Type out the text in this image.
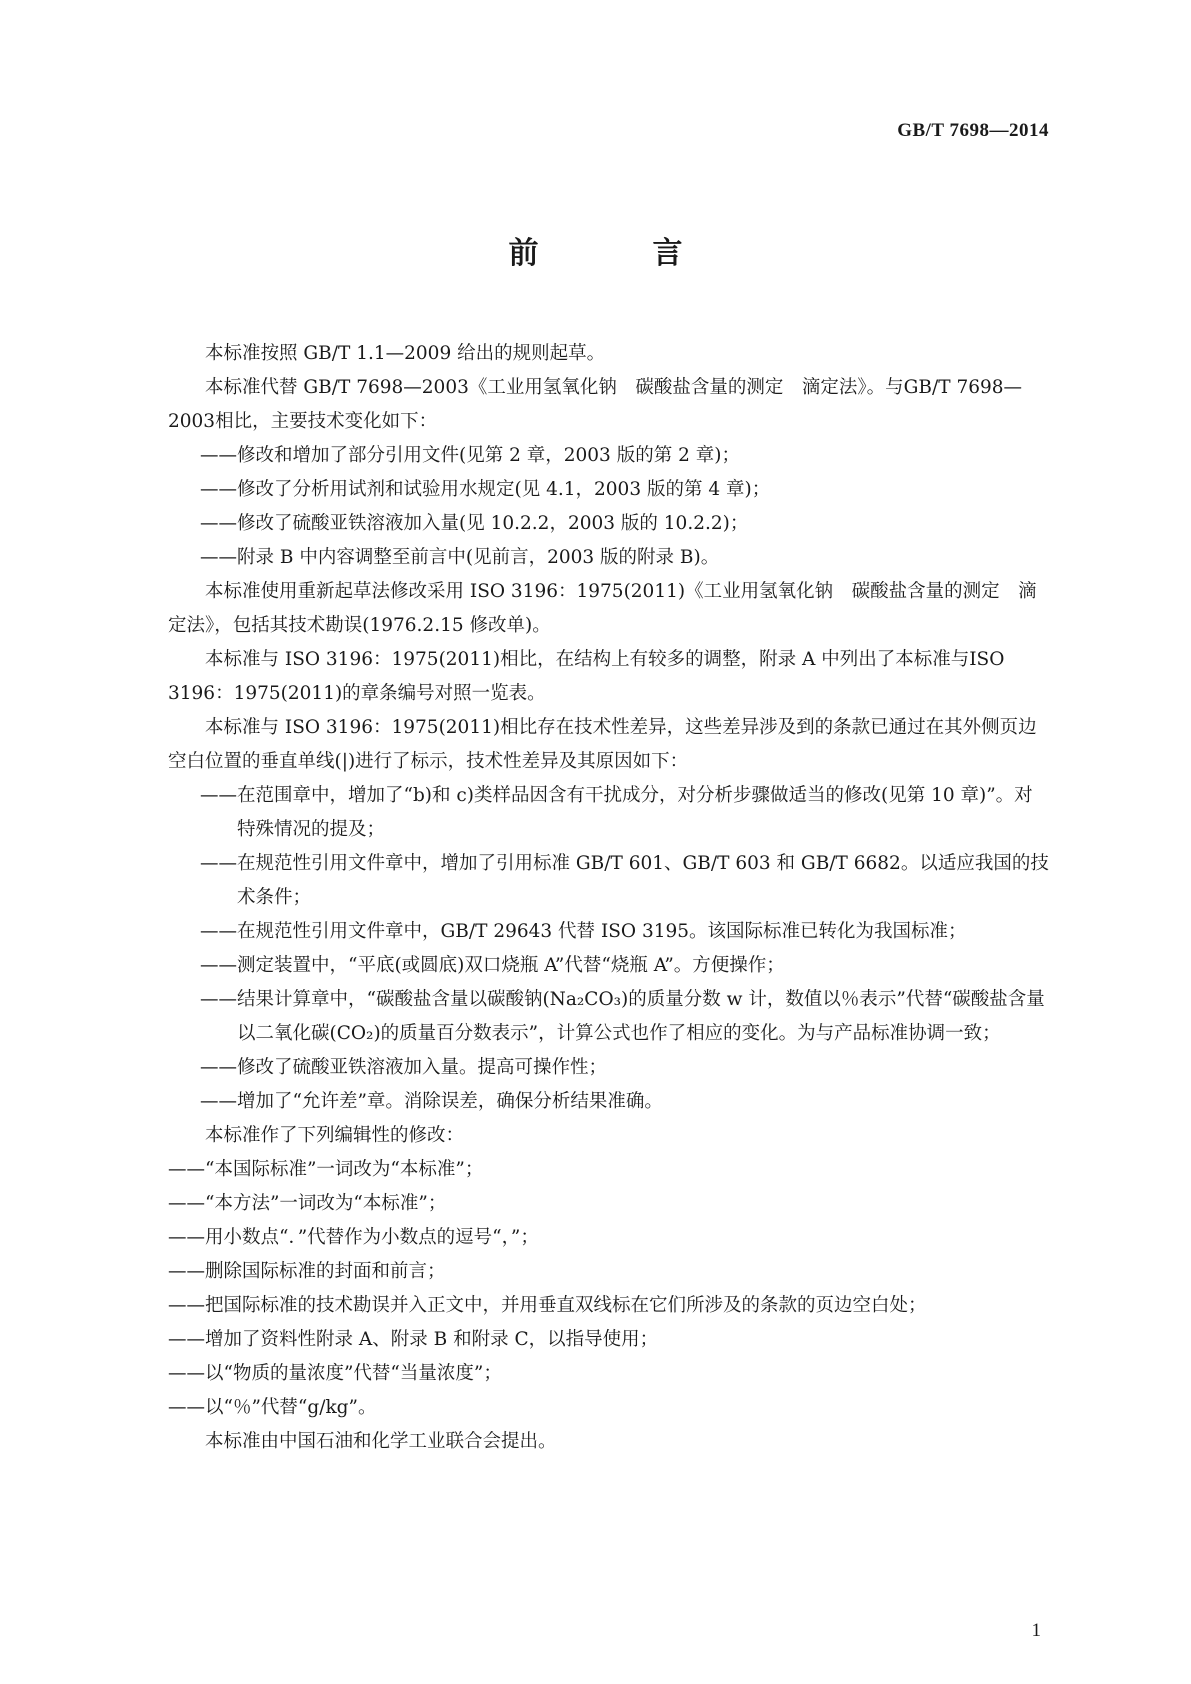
GB/T 7698—2014
前　言
本标准按照 GB/T 1.1—2009 给出的规则起草。
本标准代替 GB/T 7698—2003《工业用氢氧化钠　碳酸盐含量的测定　滴定法》。与GB/T 7698—2003相比，主要技术变化如下：
——修改和增加了部分引用文件(见第 2 章，2003 版的第 2 章)；
——修改了分析用试剂和试验用水规定(见 4.1，2003 版的第 4 章)；
——修改了硫酸亚铁溶液加入量(见 10.2.2，2003 版的 10.2.2)；
——附录 B 中内容调整至前言中(见前言，2003 版的附录 B)。
本标准使用重新起草法修改采用 ISO 3196：1975(2011)《工业用氢氧化钠　碳酸盐含量的测定　滴定法》，包括其技术勘误(1976.2.15 修改单)。
本标准与 ISO 3196：1975(2011)相比，在结构上有较多的调整，附录 A 中列出了本标准与ISO 3196：1975(2011)的章条编号对照一览表。
本标准与 ISO 3196：1975(2011)相比存在技术性差异，这些差异涉及到的条款已通过在其外侧页边空白位置的垂直单线(|)进行了标示，技术性差异及其原因如下：
——在范围章中，增加了“b)和 c)类样品因含有干扰成分，对分析步骤做适当的修改(见第 10 章)”。对特殊情况的提及；
——在规范性引用文件章中，增加了引用标准 GB/T 601、GB/T 603 和 GB/T 6682。以适应我国的技术条件；
——在规范性引用文件章中，GB/T 29643 代替 ISO 3195。该国际标准已转化为我国标准；
——测定装置中，“平底(或圆底)双口烧瓶 A”代替“烧瓶 A”。方便操作；
——结果计算章中，“碳酸盐含量以碳酸钠(Na₂CO₃)的质量分数 w 计，数值以％表示”代替“碳酸盐含量以二氧化碳(CO₂)的质量百分数表示”，计算公式也作了相应的变化。为与产品标准协调一致；
——修改了硫酸亚铁溶液加入量。提高可操作性；
——增加了“允许差”章。消除误差，确保分析结果准确。
本标准作了下列编辑性的修改：
——“本国际标准”一词改为“本标准”；
——“本方法”一词改为“本标准”；
——用小数点“．”代替作为小数点的逗号“，”；
——删除国际标准的封面和前言；
——把国际标准的技术勘误并入正文中，并用垂直双线标在它们所涉及的条款的页边空白处；
——增加了资料性附录 A、附录 B 和附录 C，以指导使用；
——以“物质的量浓度”代替“当量浓度”；
——以“％”代替“g/kg”。
本标准由中国石油和化学工业联合会提出。
1
